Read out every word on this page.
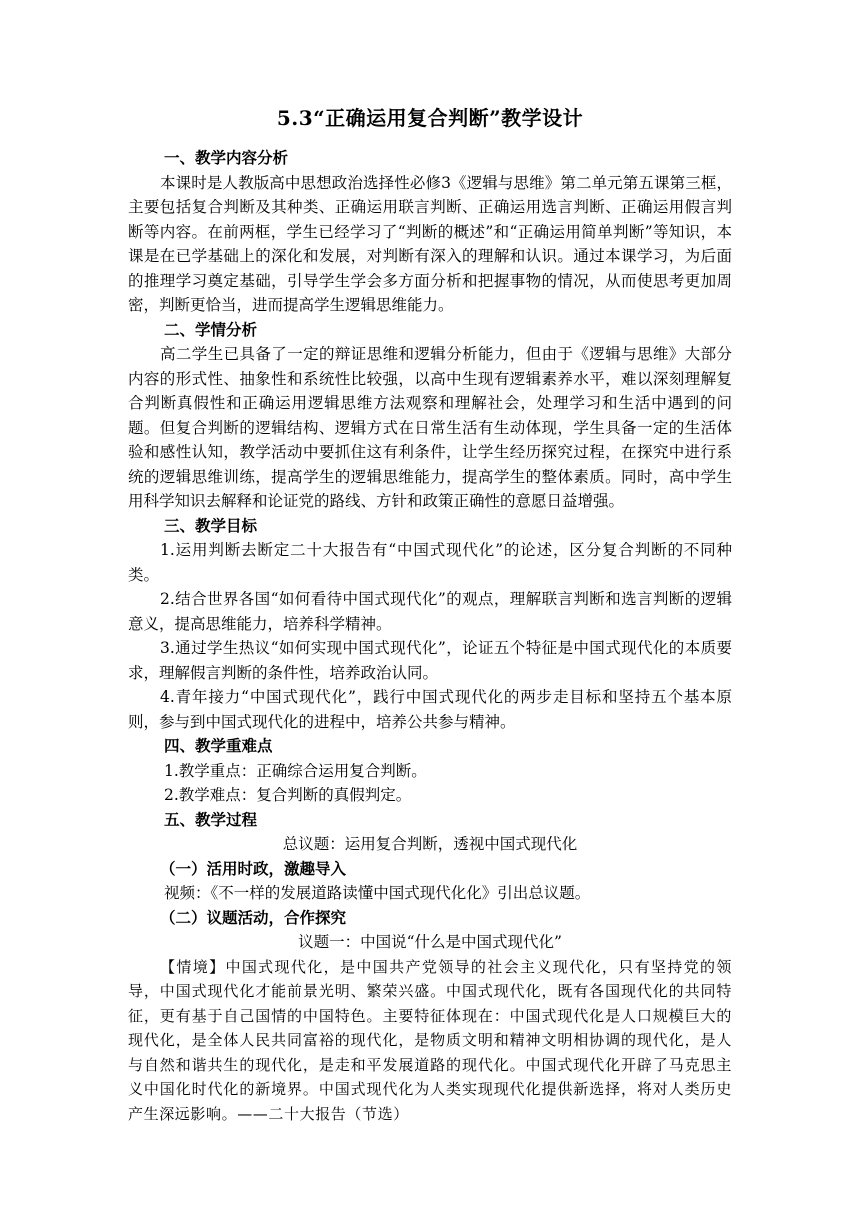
5.3“正确运用复合判断”教学设计
一、教学内容分析
本课时是人教版高中思想政治选择性必修3《逻辑与思维》第二单元第五课第三框，主要包括复合判断及其种类、正确运用联言判断、正确运用选言判断、正确运用假言判断等内容。在前两框，学生已经学习了“判断的概述”和“正确运用简单判断”等知识，本课是在已学基础上的深化和发展，对判断有深入的理解和认识。通过本课学习，为后面的推理学习奠定基础，引导学生学会多方面分析和把握事物的情况，从而使思考更加周密，判断更恰当，进而提高学生逻辑思维能力。
二、学情分析
高二学生已具备了一定的辩证思维和逻辑分析能力，但由于《逻辑与思维》大部分内容的形式性、抽象性和系统性比较强，以高中生现有逻辑素养水平，难以深刻理解复合判断真假性和正确运用逻辑思维方法观察和理解社会，处理学习和生活中遇到的问题。但复合判断的逻辑结构、逻辑方式在日常生活有生动体现，学生具备一定的生活体验和感性认知，教学活动中要抓住这有利条件，让学生经历探究过程，在探究中进行系统的逻辑思维训练，提高学生的逻辑思维能力，提高学生的整体素质。同时，高中学生用科学知识去解释和论证党的路线、方针和政策正确性的意愿日益增强。
三、教学目标
1.运用判断去断定二十大报告有“中国式现代化”的论述，区分复合判断的不同种类。
2.结合世界各国“如何看待中国式现代化”的观点，理解联言判断和选言判断的逻辑意义，提高思维能力，培养科学精神。
3.通过学生热议“如何实现中国式现代化”，论证五个特征是中国式现代化的本质要求，理解假言判断的条件性，培养政治认同。
4.青年接力“中国式现代化”，践行中国式现代化的两步走目标和坚持五个基本原则，参与到中国式现代化的进程中，培养公共参与精神。
四、教学重难点
1.教学重点：正确综合运用复合判断。
2.教学难点：复合判断的真假判定。
五、教学过程
总议题：运用复合判断，透视中国式现代化
（一）活用时政，激趣导入
视频：《不一样的发展道路读懂中国式现代化化》引出总议题。
（二）议题活动，合作探究
议题一：中国说“什么是中国式现代化”
【情境】中国式现代化，是中国共产党领导的社会主义现代化，只有坚持党的领导，中国式现代化才能前景光明、繁荣兴盛。中国式现代化，既有各国现代化的共同特征，更有基于自己国情的中国特色。主要特征体现在：中国式现代化是人口规模巨大的现代化，是全体人民共同富裕的现代化，是物质文明和精神文明相协调的现代化，是人与自然和谐共生的现代化，是走和平发展道路的现代化。中国式现代化开辟了马克思主义中国化时代化的新境界。中国式现代化为人类实现现代化提供新选择，将对人类历史产生深远影响。——二十大报告（节选）
